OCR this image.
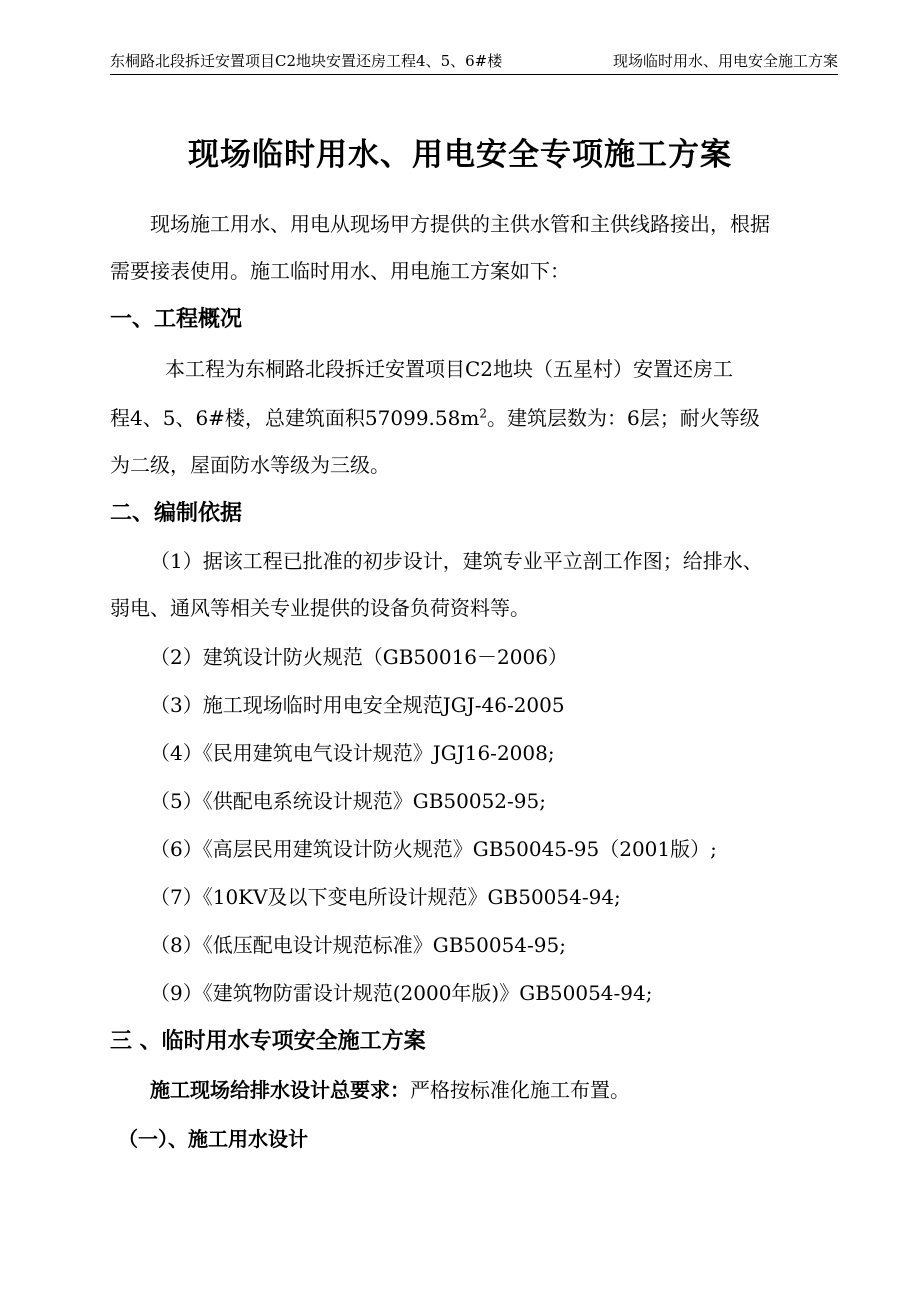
东桐路北段拆迁安置项目C2地块安置还房工程4、5、6#楼	现场临时用水、用电安全施工方案
现场临时用水、用电安全专项施工方案
现场施工用水、用电从现场甲方提供的主供水管和主供线路接出，根据
需要接表使用。施工临时用水、用电施工方案如下：
一、工程概况
本工程为东桐路北段拆迁安置项目C2地块（五星村）安置还房工
程4、5、6#楼，总建筑面积$57099.58m^2$。建筑层数为：6层；耐火等级
为二级，屋面防水等级为三级。
二、编制依据
（1）据该工程已批准的初步设计，建筑专业平立剖工作图；给排水、
弱电、通风等相关专业提供的设备负荷资料等。
（2）建筑设计防火规范（GB50016－2006）
（3）施工现场临时用电安全规范JGJ-46-2005
（4）《民用建筑电气设计规范》JGJ16-2008;
（5）《供配电系统设计规范》GB50052-95;
（6）《高层民用建筑设计防火规范》GB50045-95（2001版）;
（7）《10KV及以下变电所设计规范》GB50054-94;
（8）《低压配电设计规范标准》GB50054-95;
（9）《建筑物防雷设计规范(2000年版)》GB50054-94;
三 、临时用水专项安全施工方案
施工现场给排水设计总要求：严格按标准化施工布置。
（一）、施工用水设计
